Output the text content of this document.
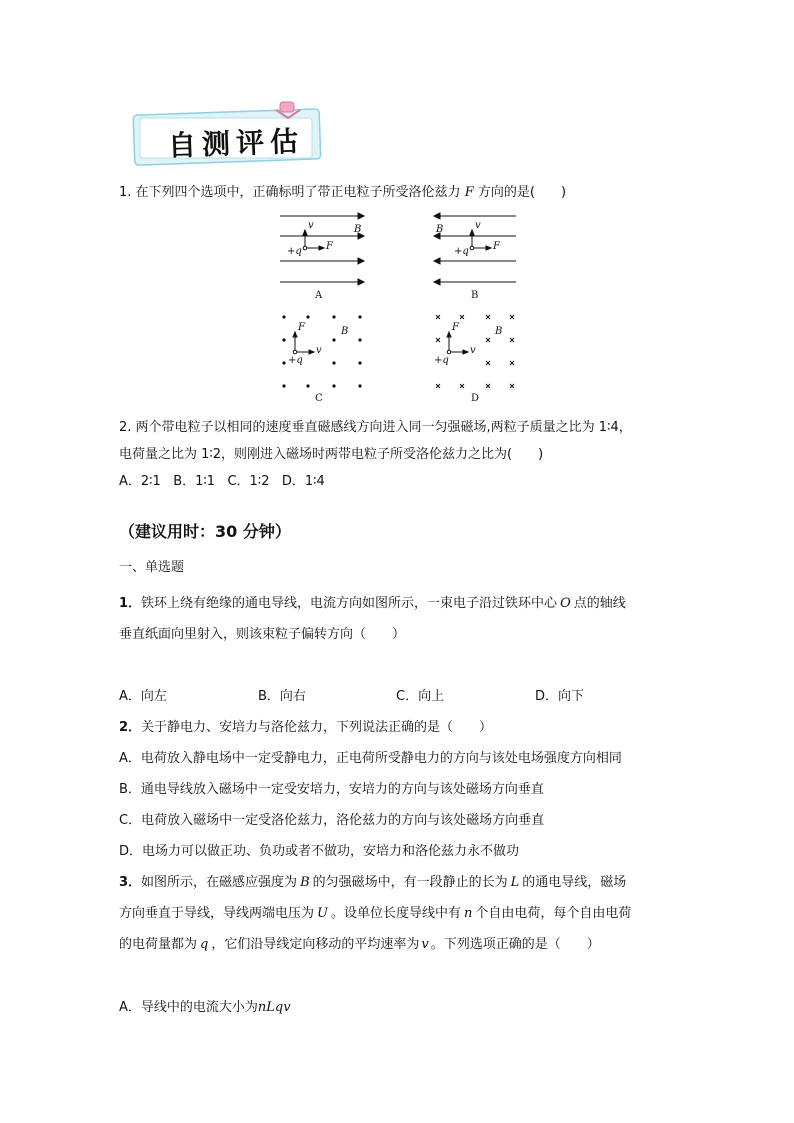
自测评估
1. 在下列四个选项中，正确标明了带正电粒子所受洛伦兹力 F 方向的是(　　)
v	B
+q F
A
v
B
+q F
B
F	B
v
+q
C
F	B
v
+q
D
2. 两个带电粒子以相同的速度垂直磁感线方向进入同一匀强磁场,两粒子质量之比为 1∶4，
电荷量之比为 1∶2，则刚进入磁场时两带电粒子所受洛伦兹力之比为(　　)
A．2∶1   B．1∶1   C．1∶2   D．1∶4
（建议用时：30 分钟）
一、单选题
1．铁环上绕有绝缘的通电导线，电流方向如图所示，一束电子沿过铁环中心 O 点的轴线
垂直纸面向里射入，则该束粒子偏转方向（　　）
A．向左	B．向右	C．向上	D．向下
2．关于静电力、安培力与洛伦兹力，下列说法正确的是（　　）
A．电荷放入静电场中一定受静电力，正电荷所受静电力的方向与该处电场强度方向相同
B．通电导线放入磁场中一定受安培力，安培力的方向与该处磁场方向垂直
C．电荷放入磁场中一定受洛伦兹力，洛伦兹力的方向与该处磁场方向垂直
D．电场力可以做正功、负功或者不做功，安培力和洛伦兹力永不做功
3．如图所示，在磁感应强度为 B 的匀强磁场中，有一段静止的长为 L 的通电导线，磁场
方向垂直于导线，导线两端电压为 U 。设单位长度导线中有 n 个自由电荷，每个自由电荷
的电荷量都为 q ，它们沿导线定向移动的平均速率为 v 。下列选项正确的是（　　）
A．导线中的电流大小为nLqv
